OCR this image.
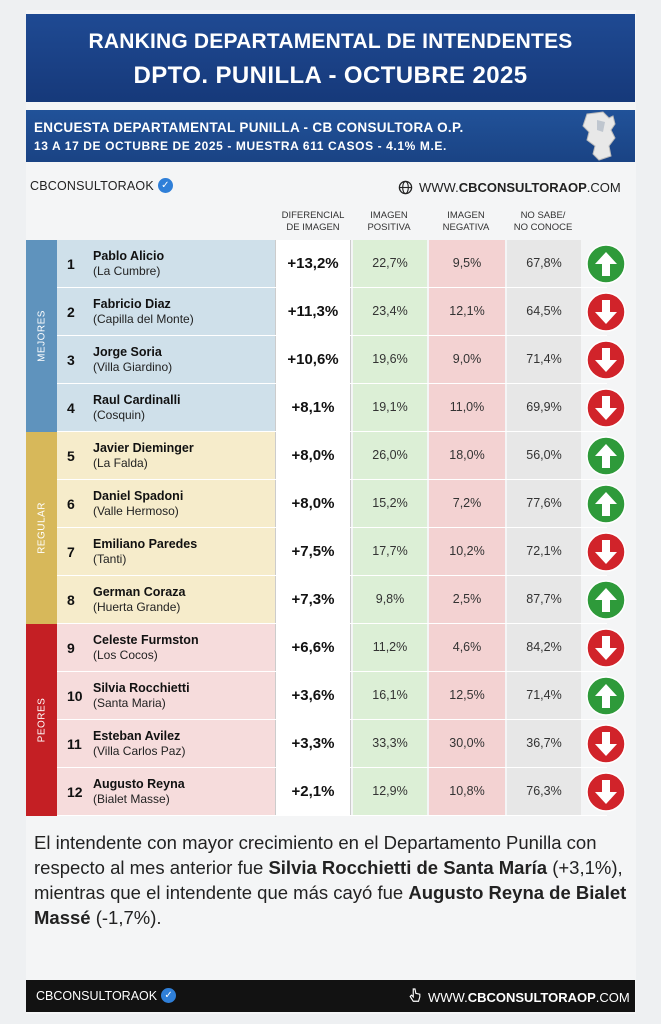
RANKING DEPARTAMENTAL DE INTENDENTES
DPTO. PUNILLA - OCTUBRE 2025
ENCUESTA DEPARTAMENTAL PUNILLA - CB CONSULTORA O.P.
13 A 17 DE OCTUBRE DE 2025 - MUESTRA 611 CASOS - 4.1% M.E.
CBCONSULTORAOK ✓	WWW.CBCONSULTORAOP.COM
DIFERENCIAL
DE IMAGEN
IMAGEN
POSITIVA
IMAGEN
NEGATIVA
NO SABE/
NO CONOCE
MEJORES
REGULAR
PEORES
1 Pablo Alicio
(La Cumbre)	+13,2%	22,7%	9,5%	67,8%
2 Fabricio Diaz
(Capilla del Monte)	+11,3%	23,4%	12,1%	64,5%
3 Jorge Soria
(Villa Giardino)	+10,6%	19,6%	9,0%	71,4%
4 Raul Cardinalli
(Cosquin)	+8,1%	19,1%	11,0%	69,9%
5 Javier Dieminger
(La Falda)	+8,0%	26,0%	18,0%	56,0%
6 Daniel Spadoni
(Valle Hermoso)	+8,0%	15,2%	7,2%	77,6%
7 Emiliano Paredes
(Tanti)	+7,5%	17,7%	10,2%	72,1%
8 German Coraza
(Huerta Grande)	+7,3%	9,8%	2,5%	87,7%
9 Celeste Furmston
(Los Cocos)	+6,6%	11,2%	4,6%	84,2%
10 Silvia Rocchietti
(Santa Maria)	+3,6%	16,1%	12,5%	71,4%
11 Esteban Avilez
(Villa Carlos Paz)	+3,3%	33,3%	30,0%	36,7%
12 Augusto Reyna
(Bialet Masse)	+2,1%	12,9%	10,8%	76,3%
El intendente con mayor crecimiento en el Departamento Punilla con respecto al mes anterior fue Silvia Rocchietti de Santa María (+3,1%), mientras que el intendente que más cayó fue Augusto Reyna de Bialet Massé (-1,7%).
CBCONSULTORAOK ✓	WWW.CBCONSULTORAOP.COM
